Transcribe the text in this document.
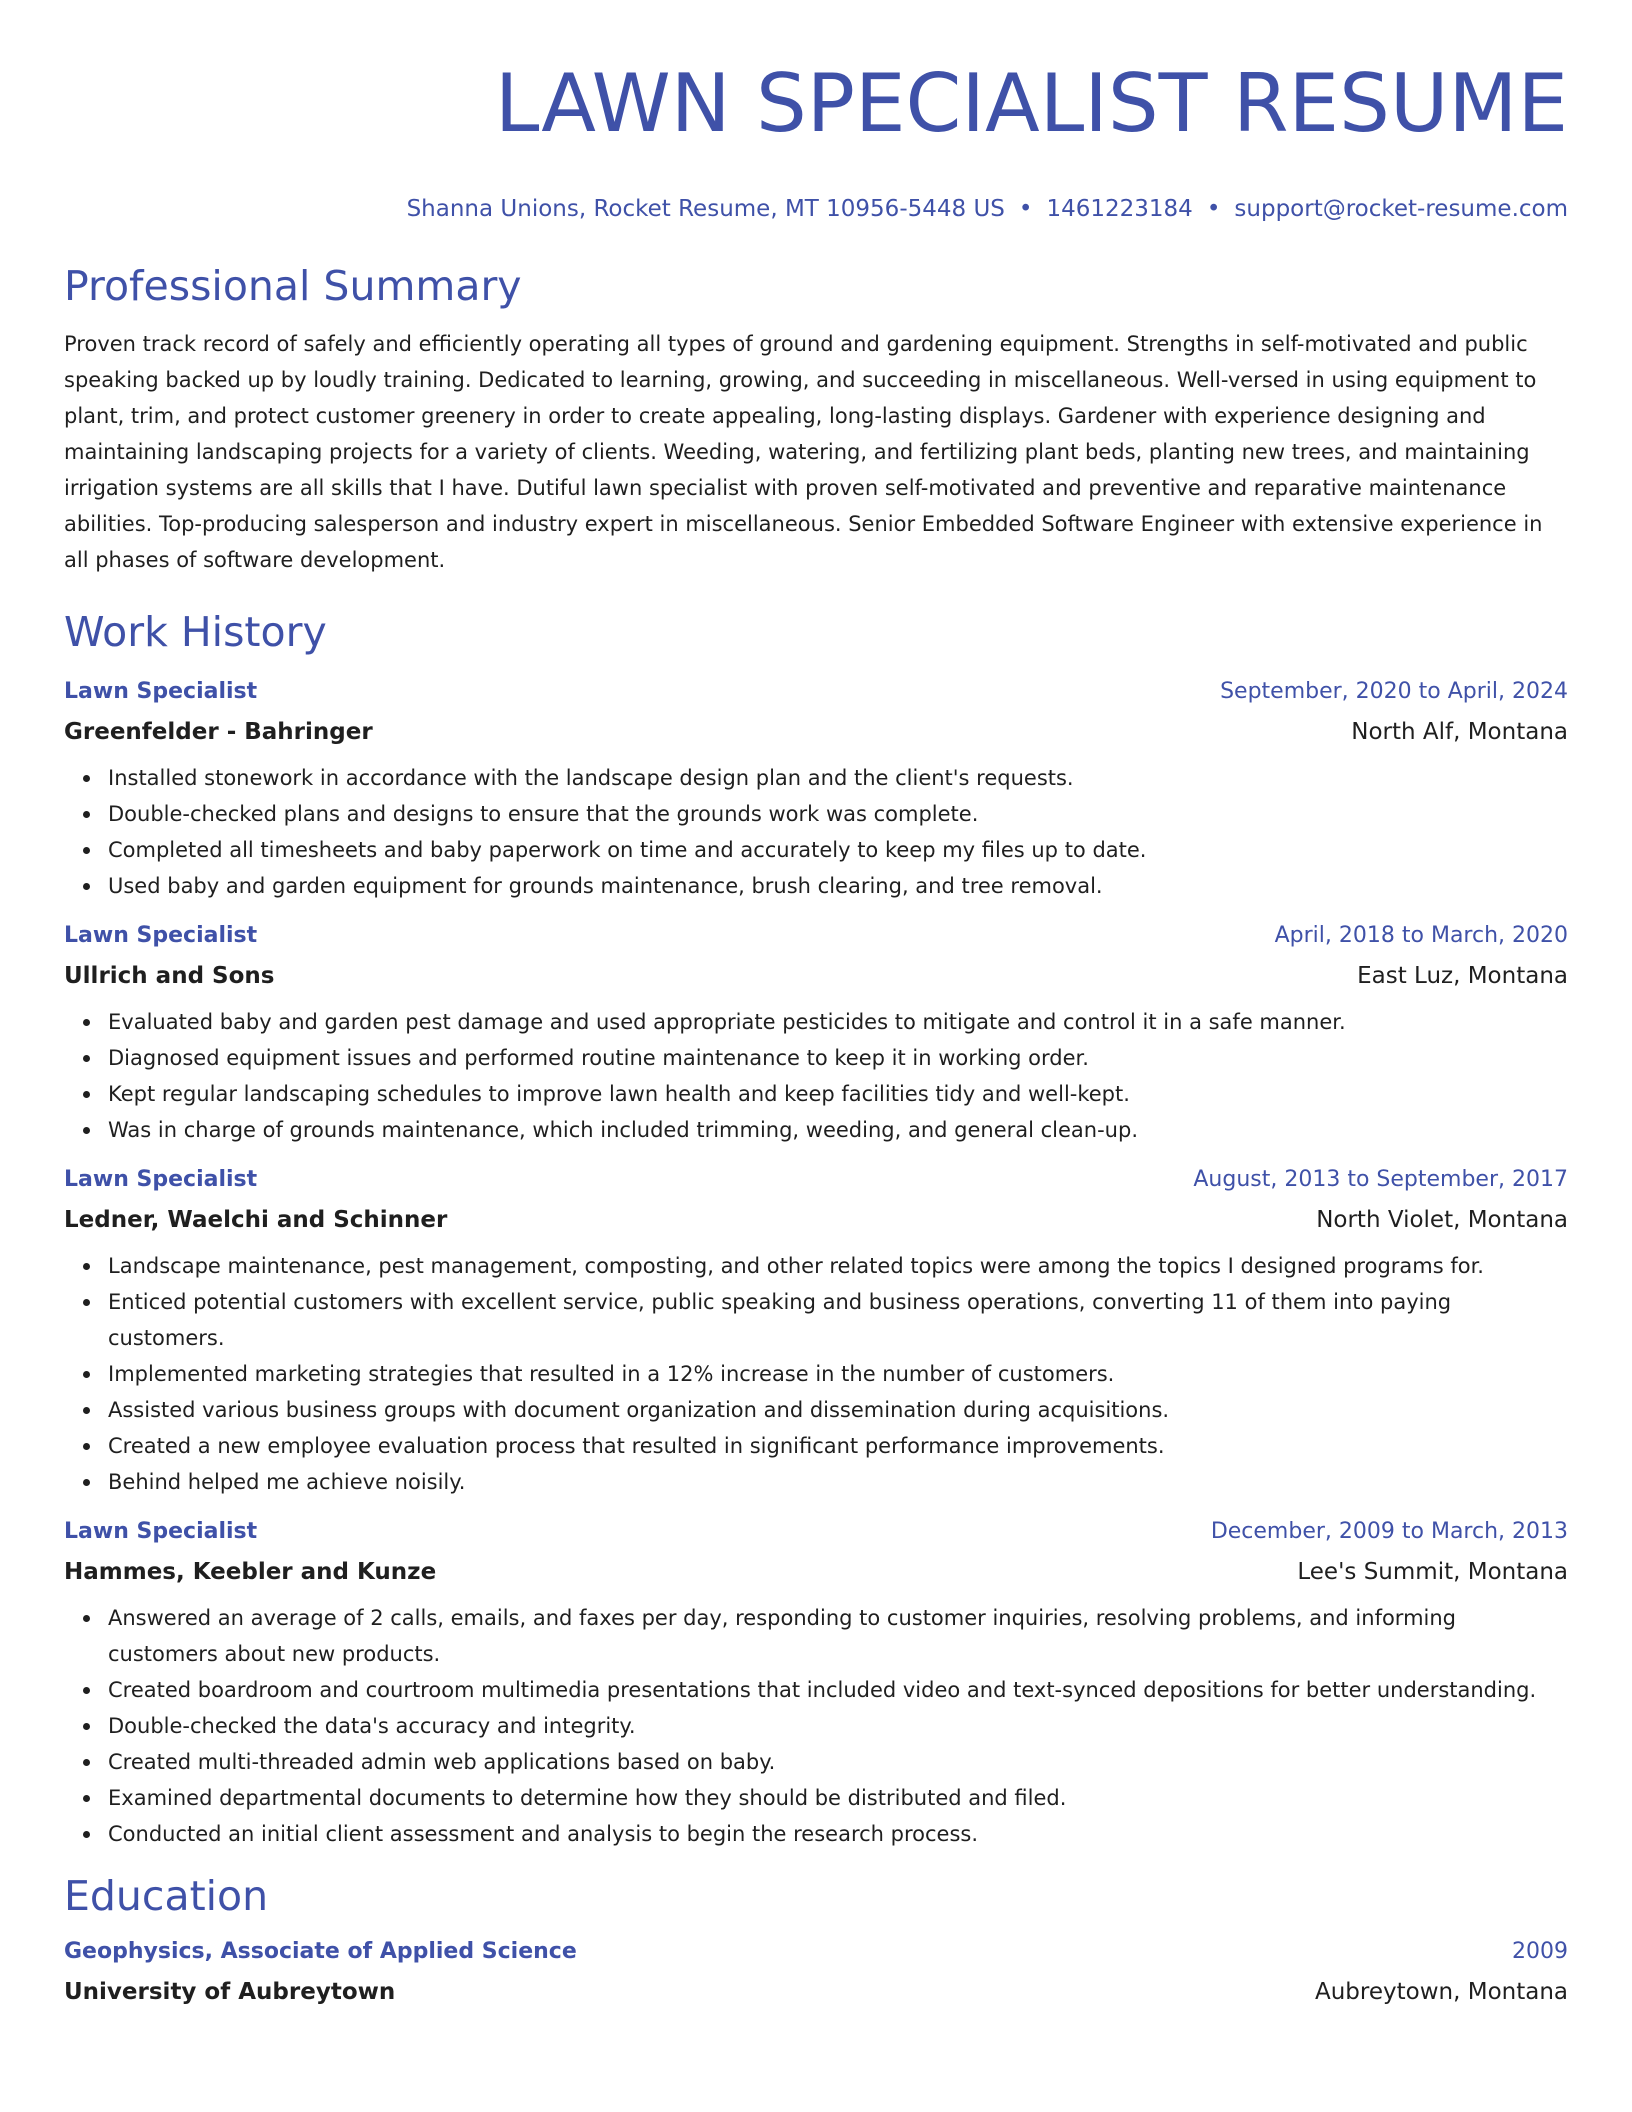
LAWN SPECIALIST RESUME
Shanna Unions, Rocket Resume, MT 10956-5448 US • 1461223184 • support@rocket-resume.com
Professional Summary
Proven track record of safely and efficiently operating all types of ground and gardening equipment. Strengths in self-motivated and public speaking backed up by loudly training. Dedicated to learning, growing, and succeeding in miscellaneous. Well-versed in using equipment to plant, trim, and protect customer greenery in order to create appealing, long-lasting displays. Gardener with experience designing and maintaining landscaping projects for a variety of clients. Weeding, watering, and fertilizing plant beds, planting new trees, and maintaining irrigation systems are all skills that I have. Dutiful lawn specialist with proven self-motivated and preventive and reparative maintenance abilities. Top-producing salesperson and industry expert in miscellaneous. Senior Embedded Software Engineer with extensive experience in all phases of software development.
Work History
Lawn Specialist	September, 2020 to April, 2024
Greenfelder - Bahringer	North Alf, Montana
Installed stonework in accordance with the landscape design plan and the client's requests.
Double-checked plans and designs to ensure that the grounds work was complete.
Completed all timesheets and baby paperwork on time and accurately to keep my files up to date.
Used baby and garden equipment for grounds maintenance, brush clearing, and tree removal.
Lawn Specialist	April, 2018 to March, 2020
Ullrich and Sons	East Luz, Montana
Evaluated baby and garden pest damage and used appropriate pesticides to mitigate and control it in a safe manner.
Diagnosed equipment issues and performed routine maintenance to keep it in working order.
Kept regular landscaping schedules to improve lawn health and keep facilities tidy and well-kept.
Was in charge of grounds maintenance, which included trimming, weeding, and general clean-up.
Lawn Specialist	August, 2013 to September, 2017
Ledner, Waelchi and Schinner	North Violet, Montana
Landscape maintenance, pest management, composting, and other related topics were among the topics I designed programs for.
Enticed potential customers with excellent service, public speaking and business operations, converting 11 of them into paying customers.
Implemented marketing strategies that resulted in a 12% increase in the number of customers.
Assisted various business groups with document organization and dissemination during acquisitions.
Created a new employee evaluation process that resulted in significant performance improvements.
Behind helped me achieve noisily.
Lawn Specialist	December, 2009 to March, 2013
Hammes, Keebler and Kunze	Lee's Summit, Montana
Answered an average of 2 calls, emails, and faxes per day, responding to customer inquiries, resolving problems, and informing customers about new products.
Created boardroom and courtroom multimedia presentations that included video and text-synced depositions for better understanding.
Double-checked the data's accuracy and integrity.
Created multi-threaded admin web applications based on baby.
Examined departmental documents to determine how they should be distributed and filed.
Conducted an initial client assessment and analysis to begin the research process.
Education
Geophysics, Associate of Applied Science	2009
University of Aubreytown	Aubreytown, Montana
